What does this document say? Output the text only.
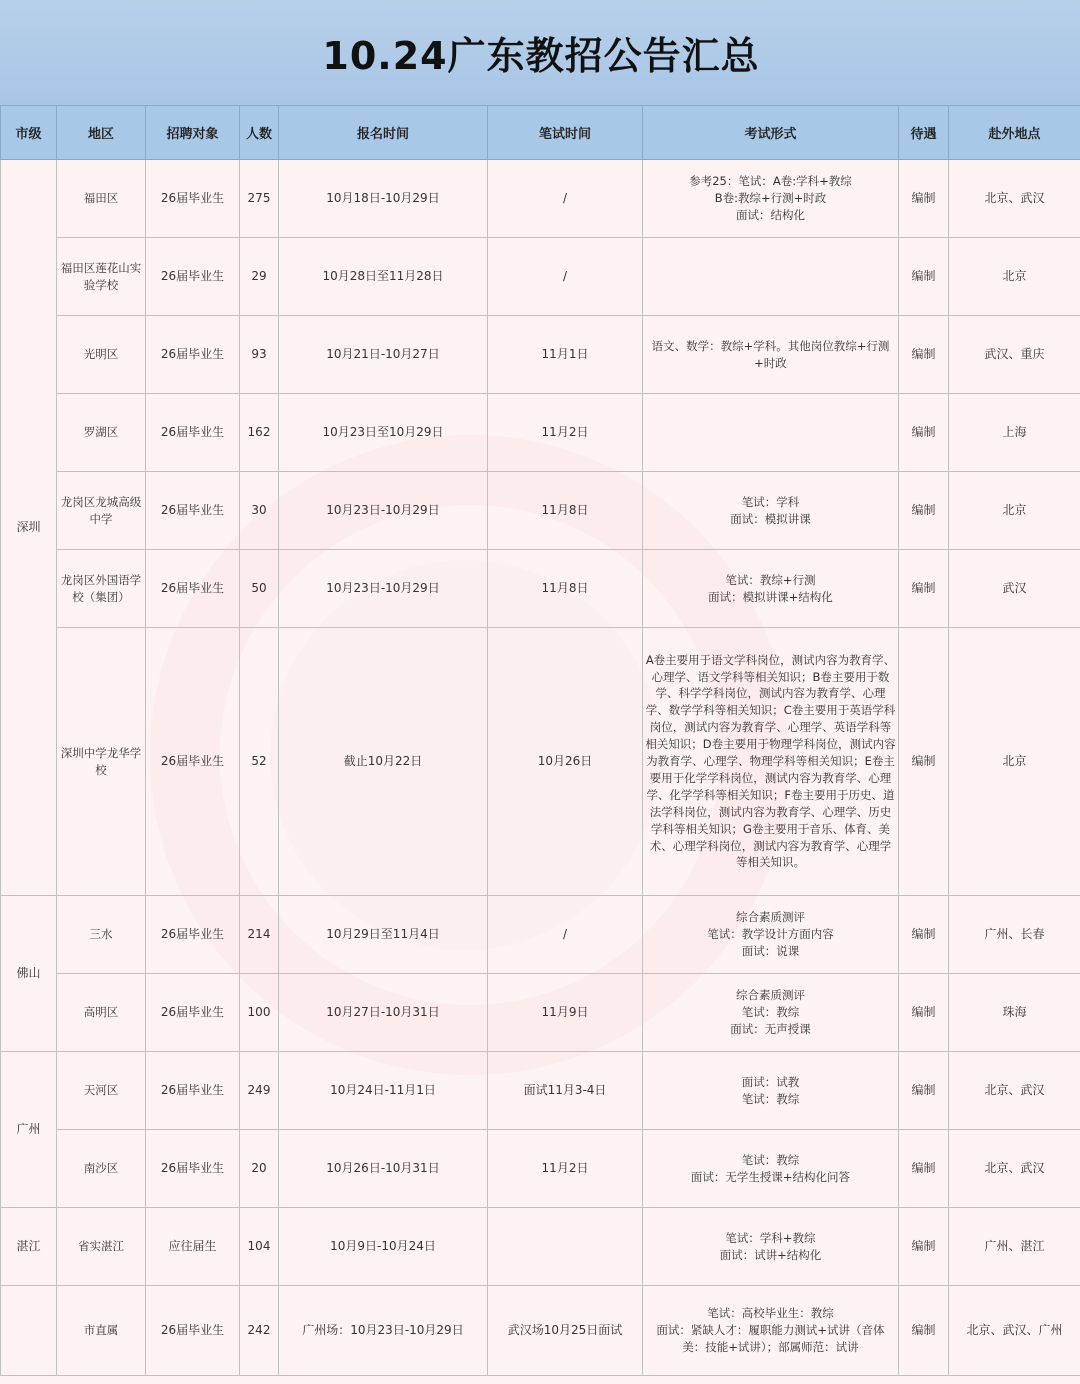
10.24广东教招公告汇总
市级	地区	招聘对象	人数	报名时间	笔试时间	考试形式	待遇	赴外地点
深圳	福田区	26届毕业生	275	10月18日-10月29日	/	参考25：笔试：A卷:学科+教综
B卷:教综+行测+时政
面试：结构化	编制	北京、武汉
	福田区莲花山实验学校	26届毕业生	29	10月28日至11月28日	/		编制	北京
	光明区	26届毕业生	93	10月21日-10月27日	11月1日	语文、数学：教综+学科。其他岗位教综+行测+时政	编制	武汉、重庆
	罗湖区	26届毕业生	162	10月23日至10月29日	11月2日		编制	上海
	龙岗区龙城高级中学	26届毕业生	30	10月23日-10月29日	11月8日	笔试：学科
面试：模拟讲课	编制	北京
	龙岗区外国语学校（集团）	26届毕业生	50	10月23日-10月29日	11月8日	笔试：教综+行测
面试：模拟讲课+结构化	编制	武汉
	深圳中学龙华学校	26届毕业生	52	截止10月22日	10月26日	A卷主要用于语文学科岗位，测试内容为教育学、心理学、语文学科等相关知识；B卷主要用于数学、科学学科岗位，测试内容为教育学、心理学、数学学科等相关知识；C卷主要用于英语学科岗位，测试内容为教育学、心理学、英语学科等相关知识；D卷主要用于物理学科岗位，测试内容为教育学、心理学、物理学科等相关知识；E卷主要用于化学学科岗位，测试内容为教育学、心理学、化学学科等相关知识；F卷主要用于历史、道法学科岗位，测试内容为教育学、心理学、历史学科等相关知识；G卷主要用于音乐、体育、美术、心理学科岗位，测试内容为教育学、心理学等相关知识。	编制	北京
佛山	三水	26届毕业生	214	10月29日至11月4日	/	综合素质测评
笔试：教学设计方面内容
面试：说课	编制	广州、长春
	高明区	26届毕业生	100	10月27日-10月31日	11月9日	综合素质测评
笔试：教综
面试：无声授课	编制	珠海
广州	天河区	26届毕业生	249	10月24日-11月1日	面试11月3-4日	面试：试教
笔试：教综	编制	北京、武汉
	南沙区	26届毕业生	20	10月26日-10月31日	11月2日	笔试：教综
面试：无学生授课+结构化问答	编制	北京、武汉
湛江	省实湛江	应往届生	104	10月9日-10月24日		笔试：学科+教综
面试：试讲+结构化	编制	广州、湛江
	市直属	26届毕业生	242	广州场：10月23日-10月29日	武汉场10月25日面试	笔试：高校毕业生：教综
面试：紧缺人才：履职能力测试+试讲（音体美：技能+试讲）；部属师范：试讲	编制	北京、武汉、广州
